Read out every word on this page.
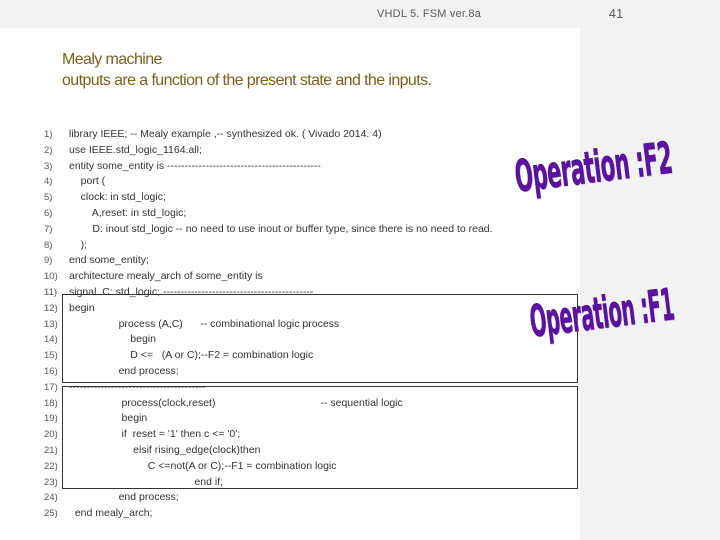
VHDL 5. FSM ver.8a	41
Mealy machine
outputs are a function of the present state and the inputs.
1) library IEEE; -- Mealy example ,-- synthesized ok. ( Vivado 2014. 4)
2) use IEEE.std_logic_1164.all;
3) entity some_entity is --------------------------------------------
4) port (
5) clock: in std_logic;
6) A,reset: in std_logic;
7) D: inout std_logic -- no need to use inout or buffer type, since there is no need to read.
8) );
9) end some_entity;
10) architecture mealy_arch of some_entity is
11) signal  C: std_logic; -------------------------------------------
12) begin
13) process (A,C)      -- combinational logic process
14) begin
15) D <=   (A or C);--F2 = combination logic
16) end process;
17) ---------------------------------------
18) process(clock,reset)                                    -- sequential logic
19) begin
20) if  reset = '1' then c <= '0';
21) elsif rising_edge(clock)then
22) C <=not(A or C);--F1 = combination logic
23) end if;
24) end process;
25) end mealy_arch;
Operation :F2
Operation :F1
